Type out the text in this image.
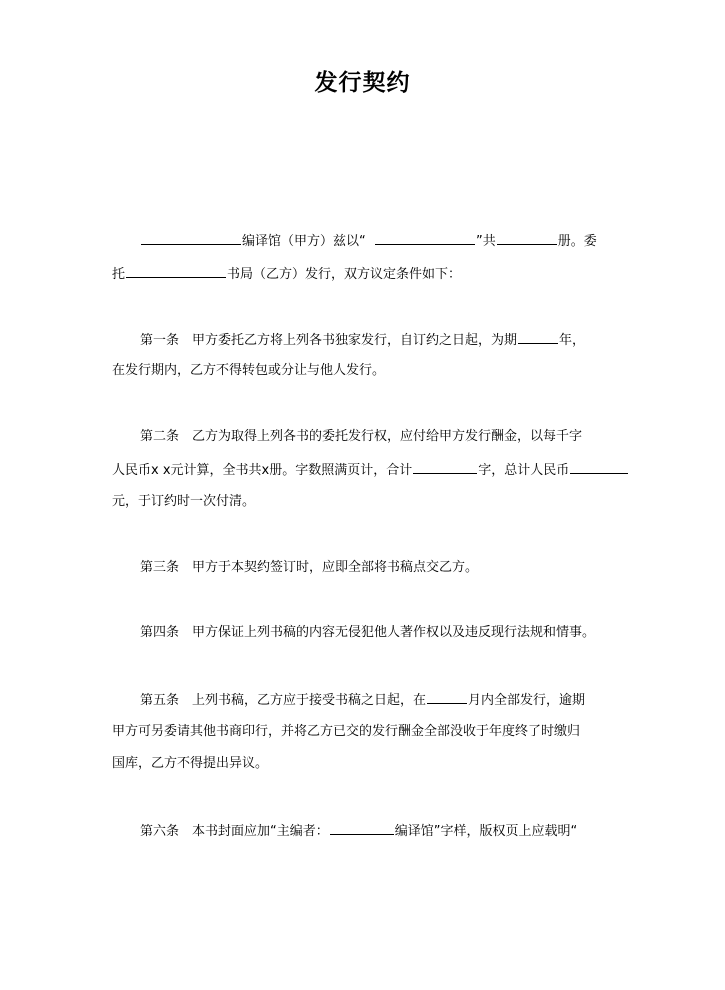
发行契约
编译馆（甲方）兹以“	”共	册。委
托	书局（乙方）发行，双方议定条件如下：
第一条　甲方委托乙方将上列各书独家发行，自订约之日起，为期	年，
在发行期内，乙方不得转包或分让与他人发行。
第二条　乙方为取得上列各书的委托发行权，应付给甲方发行酬金，以每千字
人民币x x元计算，全书共x册。字数照满页计，合计	字，总计人民币
元，于订约时一次付清。
第三条　甲方于本契约签订时，应即全部将书稿点交乙方。
第四条　甲方保证上列书稿的内容无侵犯他人著作权以及违反现行法规和情事。
第五条　上列书稿，乙方应于接受书稿之日起，在	月内全部发行，逾期
甲方可另委请其他书商印行，并将乙方已交的发行酬金全部没收于年度终了时缴归
国库，乙方不得提出异议。
第六条　本书封面应加“主编者：	编译馆”字样，版权页上应载明“
